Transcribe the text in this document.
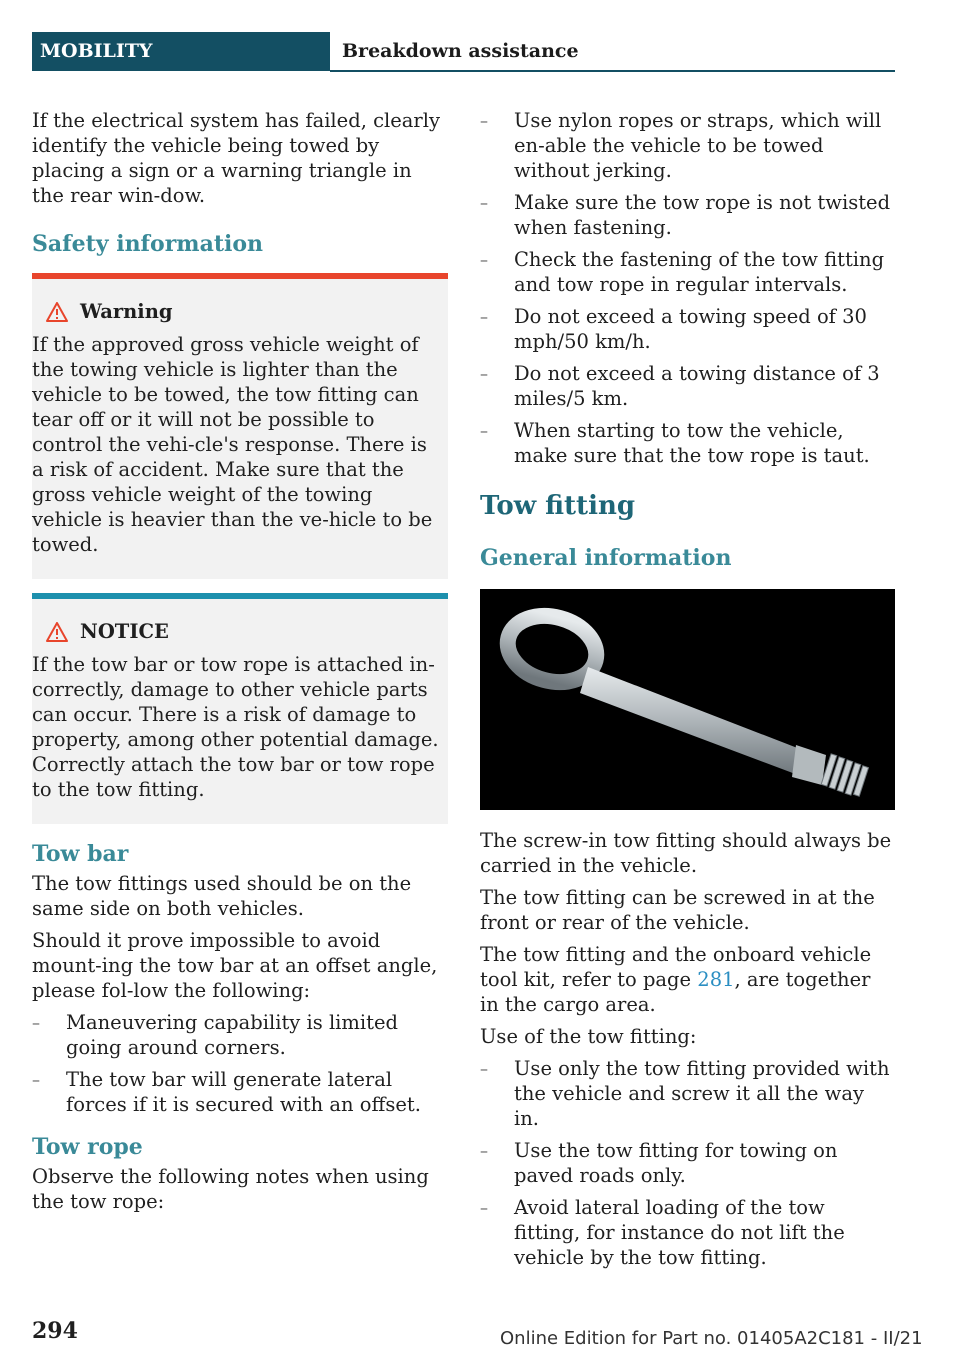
MOBILITY	Breakdown assistance

If the electrical system has failed, clearly identify the vehicle being towed by placing a sign or a warning triangle in the rear win-dow.

Safety information
Warning
If the approved gross vehicle weight of the towing vehicle is lighter than the vehicle to be towed, the tow fitting can tear off or it will not be possible to control the vehi-cle's response. There is a risk of accident. Make sure that the gross vehicle weight of the towing vehicle is heavier than the ve-hicle to be towed.
NOTICE
If the tow bar or tow rope is attached in-correctly, damage to other vehicle parts can occur. There is a risk of damage to property, among other potential damage. Correctly attach the tow bar or tow rope to the tow fitting.
Tow bar

The tow fittings used should be on the same side on both vehicles.

Should it prove impossible to avoid mount-ing the tow bar at an offset angle, please fol-low the following:

– Maneuvering capability is limited going around corners.
– The tow bar will generate lateral forces if it is secured with an offset.
Tow rope

Observe the following notes when using the tow rope:

– Use nylon ropes or straps, which will en-able the vehicle to be towed without jerking.
– Make sure the tow rope is not twisted when fastening.
– Check the fastening of the tow fitting and tow rope in regular intervals.
– Do not exceed a towing speed of 30 mph/50 km/h.
– Do not exceed a towing distance of 3 miles/5 km.
– When starting to tow the vehicle, make sure that the tow rope is taut.
Tow fitting
General information

The screw-in tow fitting should always be carried in the vehicle.

The tow fitting can be screwed in at the front or rear of the vehicle.

The tow fitting and the onboard vehicle tool kit, refer to page 281, are together in the cargo area.

Use of the tow fitting:

– Use only the tow fitting provided with the vehicle and screw it all the way in.
– Use the tow fitting for towing on paved roads only.
– Avoid lateral loading of the tow fitting, for instance do not lift the vehicle by the tow fitting.
294	Online Edition for Part no. 01405A2C181 - II/21
